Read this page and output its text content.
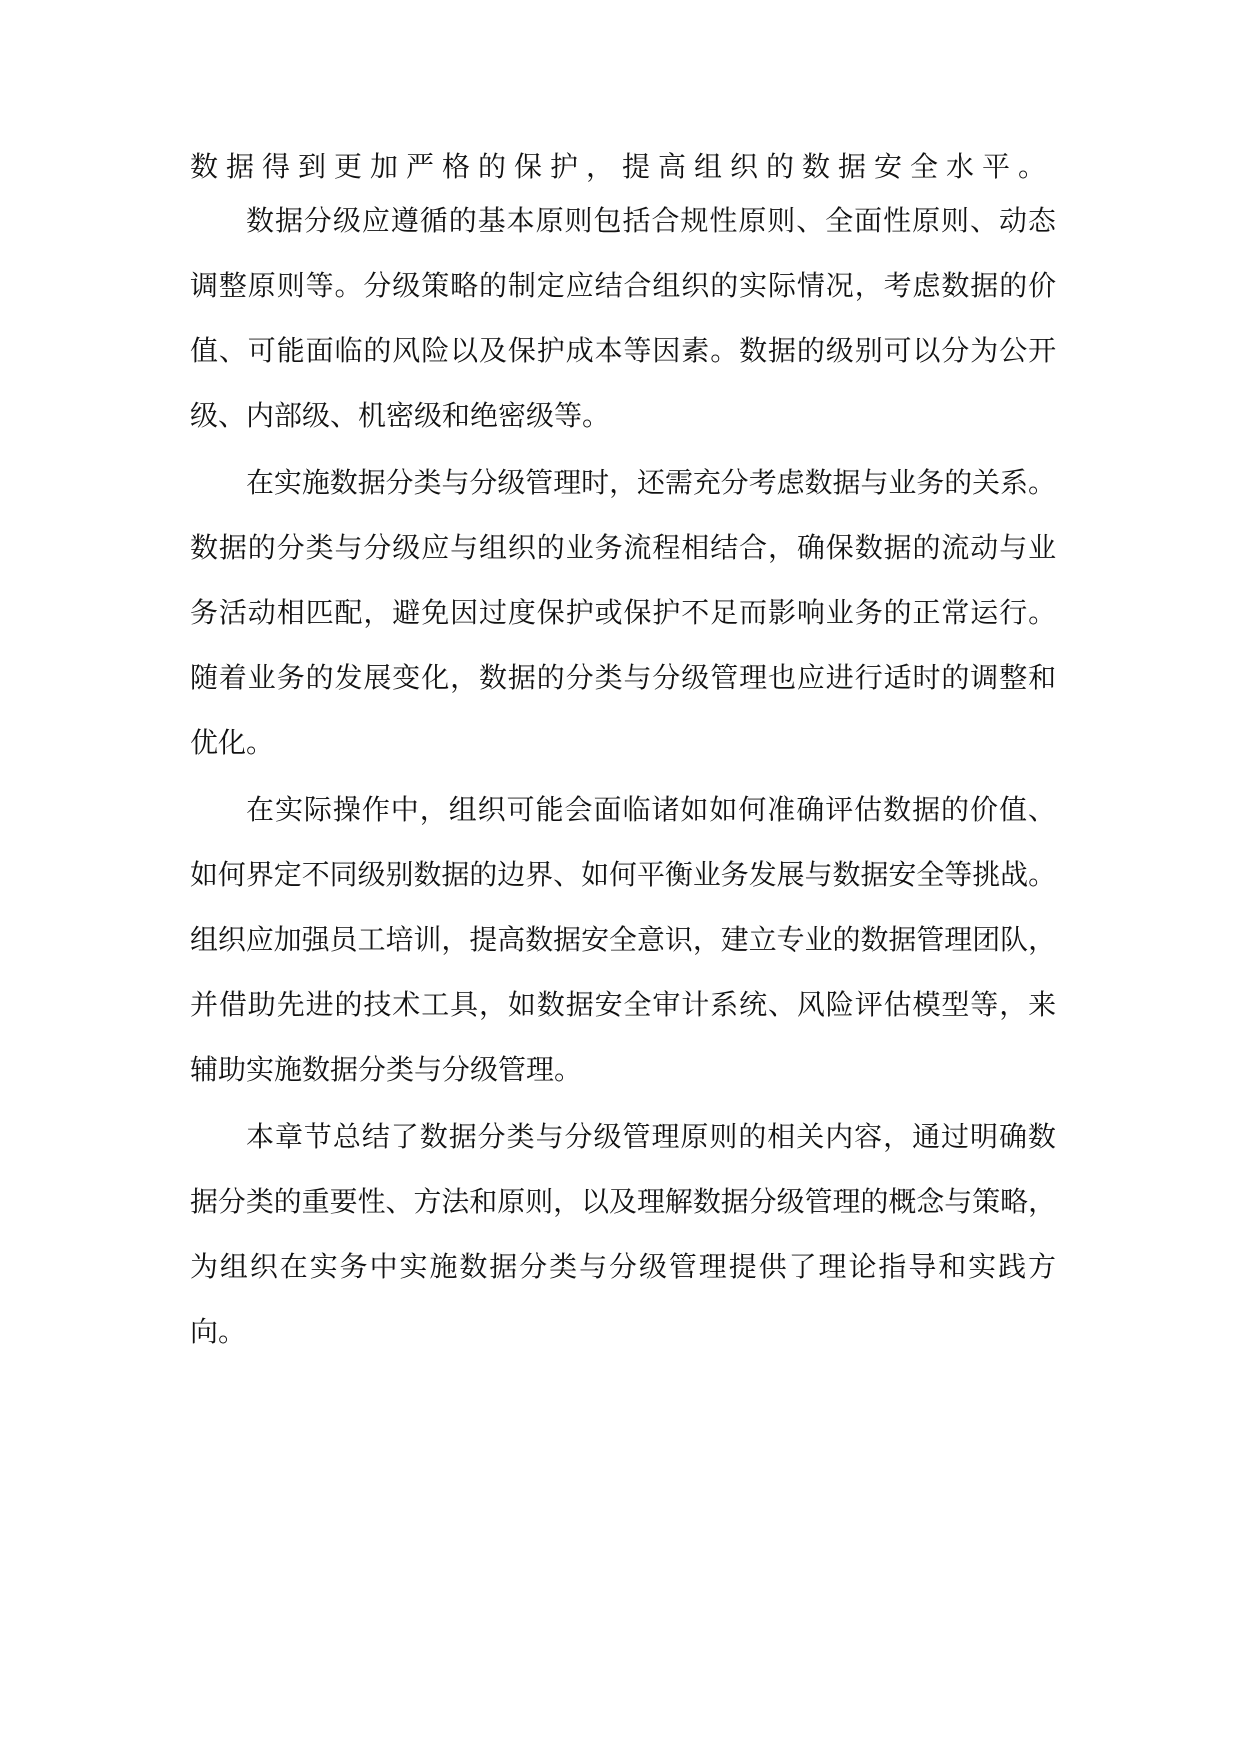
数据得到更加严格的保护，提高组织的数据安全水平。
数据分级应遵循的基本原则包括合规性原则、全面性原则、动态
调整原则等。分级策略的制定应结合组织的实际情况，考虑数据的价
值、可能面临的风险以及保护成本等因素。数据的级别可以分为公开
级、内部级、机密级和绝密级等。
在实施数据分类与分级管理时，还需充分考虑数据与业务的关系。
数据的分类与分级应与组织的业务流程相结合，确保数据的流动与业
务活动相匹配，避免因过度保护或保护不足而影响业务的正常运行。
随着业务的发展变化，数据的分类与分级管理也应进行适时的调整和
优化。
在实际操作中，组织可能会面临诸如如何准确评估数据的价值、
如何界定不同级别数据的边界、如何平衡业务发展与数据安全等挑战。
组织应加强员工培训，提高数据安全意识，建立专业的数据管理团队，
并借助先进的技术工具，如数据安全审计系统、风险评估模型等，来
辅助实施数据分类与分级管理。
本章节总结了数据分类与分级管理原则的相关内容，通过明确数
据分类的重要性、方法和原则，以及理解数据分级管理的概念与策略，
为组织在实务中实施数据分类与分级管理提供了理论指导和实践方
向。
